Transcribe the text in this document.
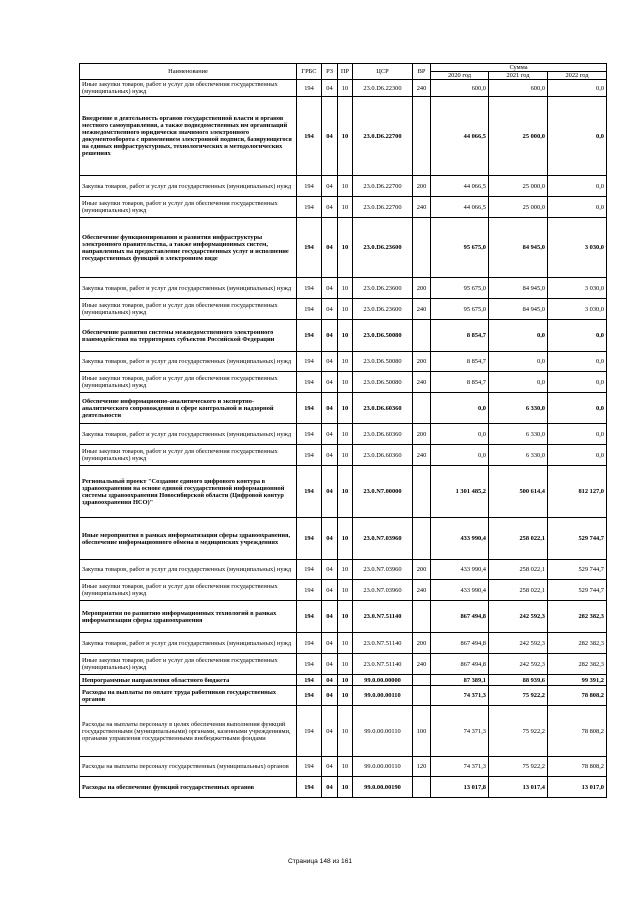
Наименование	ГРБС	РЗ	ПР	ЦСР	ВР	Сумма		
						2020 год	2021 год	2022 год
Иные закупки товаров, работ и услуг для обеспечения государственных (муниципальных) нужд	194	04	10	23.0.D6.22300	240	600,0	600,0	0,0
Внедрение в деятельность органов государственной власти и органов местного самоуправления, а также подведомственных им организаций межведомственного юридически значимого электронного документооборота с применением электронной подписи, базирующегося на единых инфраструктурных, технологических и методологических решениях	194	04	10	23.0.D6.22700		44 066,5	25 000,0	0,0
Закупка товаров, работ и услуг для государственных (муниципальных) нужд	194	04	10	23.0.D6.22700	200	44 066,5	25 000,0	0,0
Иные закупки товаров, работ и услуг для обеспечения государственных (муниципальных) нужд	194	04	10	23.0.D6.22700	240	44 066,5	25 000,0	0,0
Обеспечение функционирования и развития инфраструктуры электронного правительства, а также информационных систем, направленных на предоставление государственных услуг и исполнение государственных функций в электронном виде	194	04	10	23.0.D6.23600		95 675,0	84 945,0	3 030,0
Закупка товаров, работ и услуг для государственных (муниципальных) нужд	194	04	10	23.0.D6.23600	200	95 675,0	84 945,0	3 030,0
Иные закупки товаров, работ и услуг для обеспечения государственных (муниципальных) нужд	194	04	10	23.0.D6.23600	240	95 675,0	84 945,0	3 030,0
Обеспечение развития системы межведомственного электронного взаимодействия на территориях субъектов Российской Федерации	194	04	10	23.0.D6.50080		8 854,7	0,0	0,0
Закупка товаров, работ и услуг для государственных (муниципальных) нужд	194	04	10	23.0.D6.50080	200	8 854,7	0,0	0,0
Иные закупки товаров, работ и услуг для обеспечения государственных (муниципальных) нужд	194	04	10	23.0.D6.50080	240	8 854,7	0,0	0,0
Обеспечение информационно-аналитического и экспертно-аналитического сопровождения в сфере контрольной и надзорной деятельности	194	04	10	23.0.D6.60360		0,0	6 330,0	0,0
Закупка товаров, работ и услуг для государственных (муниципальных) нужд	194	04	10	23.0.D6.60360	200	0,0	6 330,0	0,0
Иные закупки товаров, работ и услуг для обеспечения государственных (муниципальных) нужд	194	04	10	23.0.D6.60360	240	0,0	6 330,0	0,0
Региональный проект "Создание единого цифрового контура в здравоохранении на основе единой государственной информационной системы здравоохранения Новосибирской области (Цифровой контур здравоохранения НСО)"	194	04	10	23.0.N7.00000		1 301 485,2	500 614,4	812 127,0
Иные мероприятия в рамках информатизации сферы здравоохранения, обеспечение информационного обмена в медицинских учреждениях	194	04	10	23.0.N7.03960		433 990,4	258 022,1	529 744,7
Закупка товаров, работ и услуг для государственных (муниципальных) нужд	194	04	10	23.0.N7.03960	200	433 990,4	258 022,1	529 744,7
Иные закупки товаров, работ и услуг для обеспечения государственных (муниципальных) нужд	194	04	10	23.0.N7.03960	240	433 990,4	258 022,1	529 744,7
Мероприятия по развитию информационных технологий в рамках информатизации сферы здравоохранения	194	04	10	23.0.N7.51140		867 494,8	242 592,3	282 382,3
Закупка товаров, работ и услуг для государственных (муниципальных) нужд	194	04	10	23.0.N7.51140	200	867 494,8	242 592,3	282 382,3
Иные закупки товаров, работ и услуг для обеспечения государственных (муниципальных) нужд	194	04	10	23.0.N7.51140	240	867 494,8	242 592,3	282 382,3
Непрограммные направления областного бюджета	194	04	10	99.0.00.00000		87 389,1	88 939,6	99 391,2
Расходы на выплаты по оплате труда работников государственных органов	194	04	10	99.0.00.00110		74 371,3	75 922,2	78 808,2
Расходы на выплаты персоналу в целях обеспечения выполнения функций государственными (муниципальными) органами, казенными учреждениями, органами управления государственными внебюджетными фондами	194	04	10	99.0.00.00110	100	74 371,3	75 922,2	78 808,2
Расходы на выплаты персоналу государственных (муниципальных) органов	194	04	10	99.0.00.00110	120	74 371,3	75 922,2	78 808,2
Расходы на обеспечение функций государственных органов	194	04	10	99.0.00.00190		13 017,8	13 017,4	13 017,0
Страница 148 из 161
